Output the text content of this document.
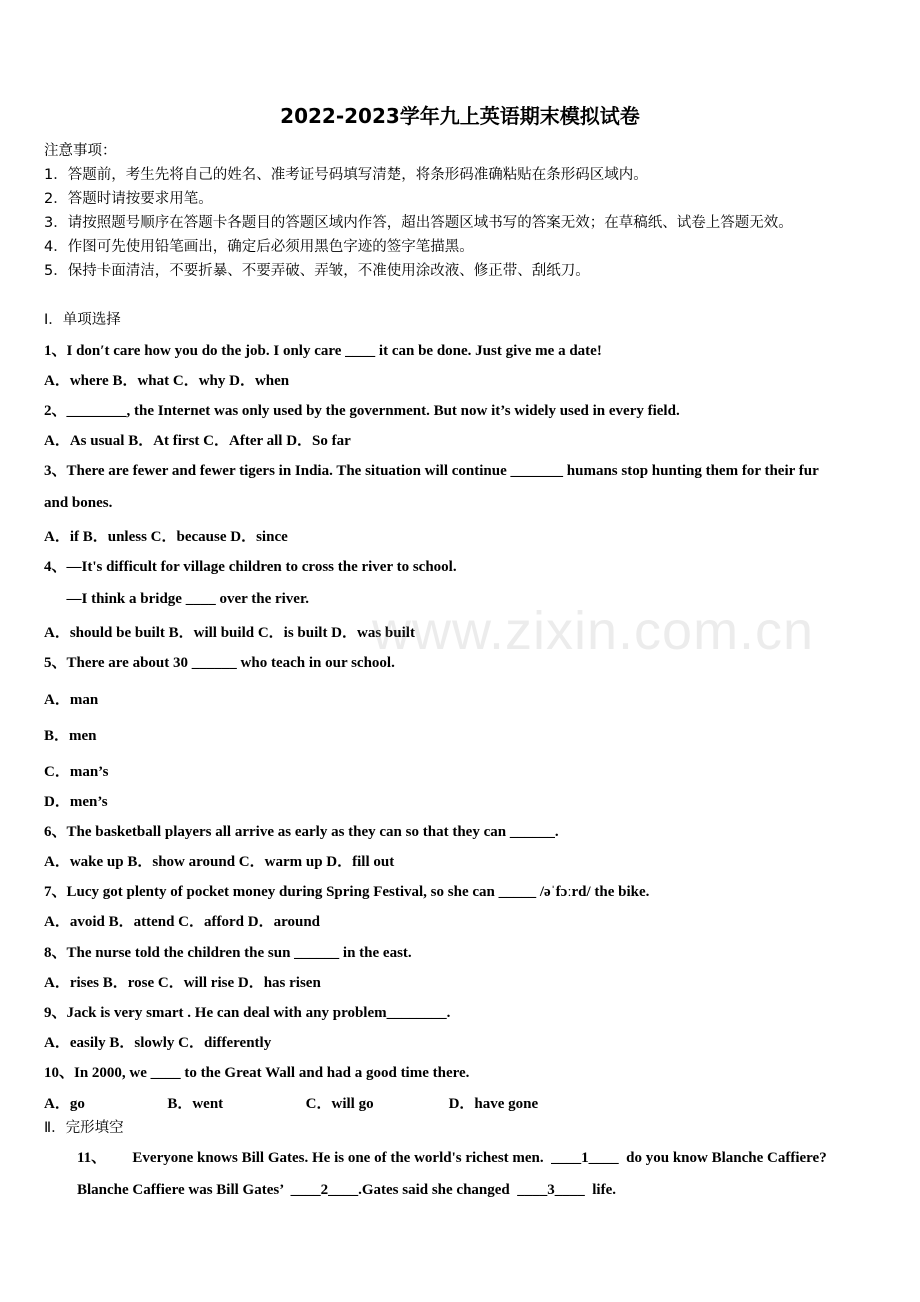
2022-2023学年九上英语期末模拟试卷
注意事项：
1．答题前，考生先将自己的姓名、准考证号码填写清楚，将条形码准确粘贴在条形码区域内。
2．答题时请按要求用笔。
3．请按照题号顺序在答题卡各题目的答题区域内作答，超出答题区域书写的答案无效；在草稿纸、试卷上答题无效。
4．作图可先使用铅笔画出，确定后必须用黑色字迹的签字笔描黑。
5．保持卡面清洁，不要折暴、不要弄破、弄皱，不准使用涂改液、修正带、刮纸刀。
Ⅰ．单项选择
1、I don′t care how you do the job. I only care ____ it can be done. Just give me a date!
A．where B．what C．why D．when
2、________, the Internet was only used by the government. But now it’s widely used in every field.
A．As usual B．At first C．After all D．So far
3、There are fewer and fewer tigers in India. The situation will continue _______ humans stop hunting them for their fur
and bones.
A．if B．unless C．because D．since
4、—It's difficult for village children to cross the river to school.
—I think a bridge ____ over the river.
A．should be built B．will build C．is built D．was built
5、There are about 30 ______ who teach in our school.
A．man
B．men
C．man’s
D．men’s
6、The basketball players all arrive as early as they can so that they can ______.
A．wake up B．show around C．warm up D．fill out
7、Lucy got plenty of pocket money during Spring Festival, so she can _____ /əˈfɔːrd/ the bike.
A．avoid B．attend C．afford D．around
8、The nurse told the children the sun ______ in the east.
A．rises B．rose C．will rise D．has risen
9、Jack is very smart . He can deal with any problem________.
A．easily B．slowly C．differently
10、In 2000, we ____ to the Great Wall and had a good time there.
A．go                      B．went                      C．will go                    D．have gone
Ⅱ．完形填空
11、       Everyone knows Bill Gates. He is one of the world's richest men.  ____1____  do you know Blanche Caffiere?
Blanche Caffiere was Bill Gates’  ____2____.Gates said she changed  ____3____  life.
www.zixin.com.cn
